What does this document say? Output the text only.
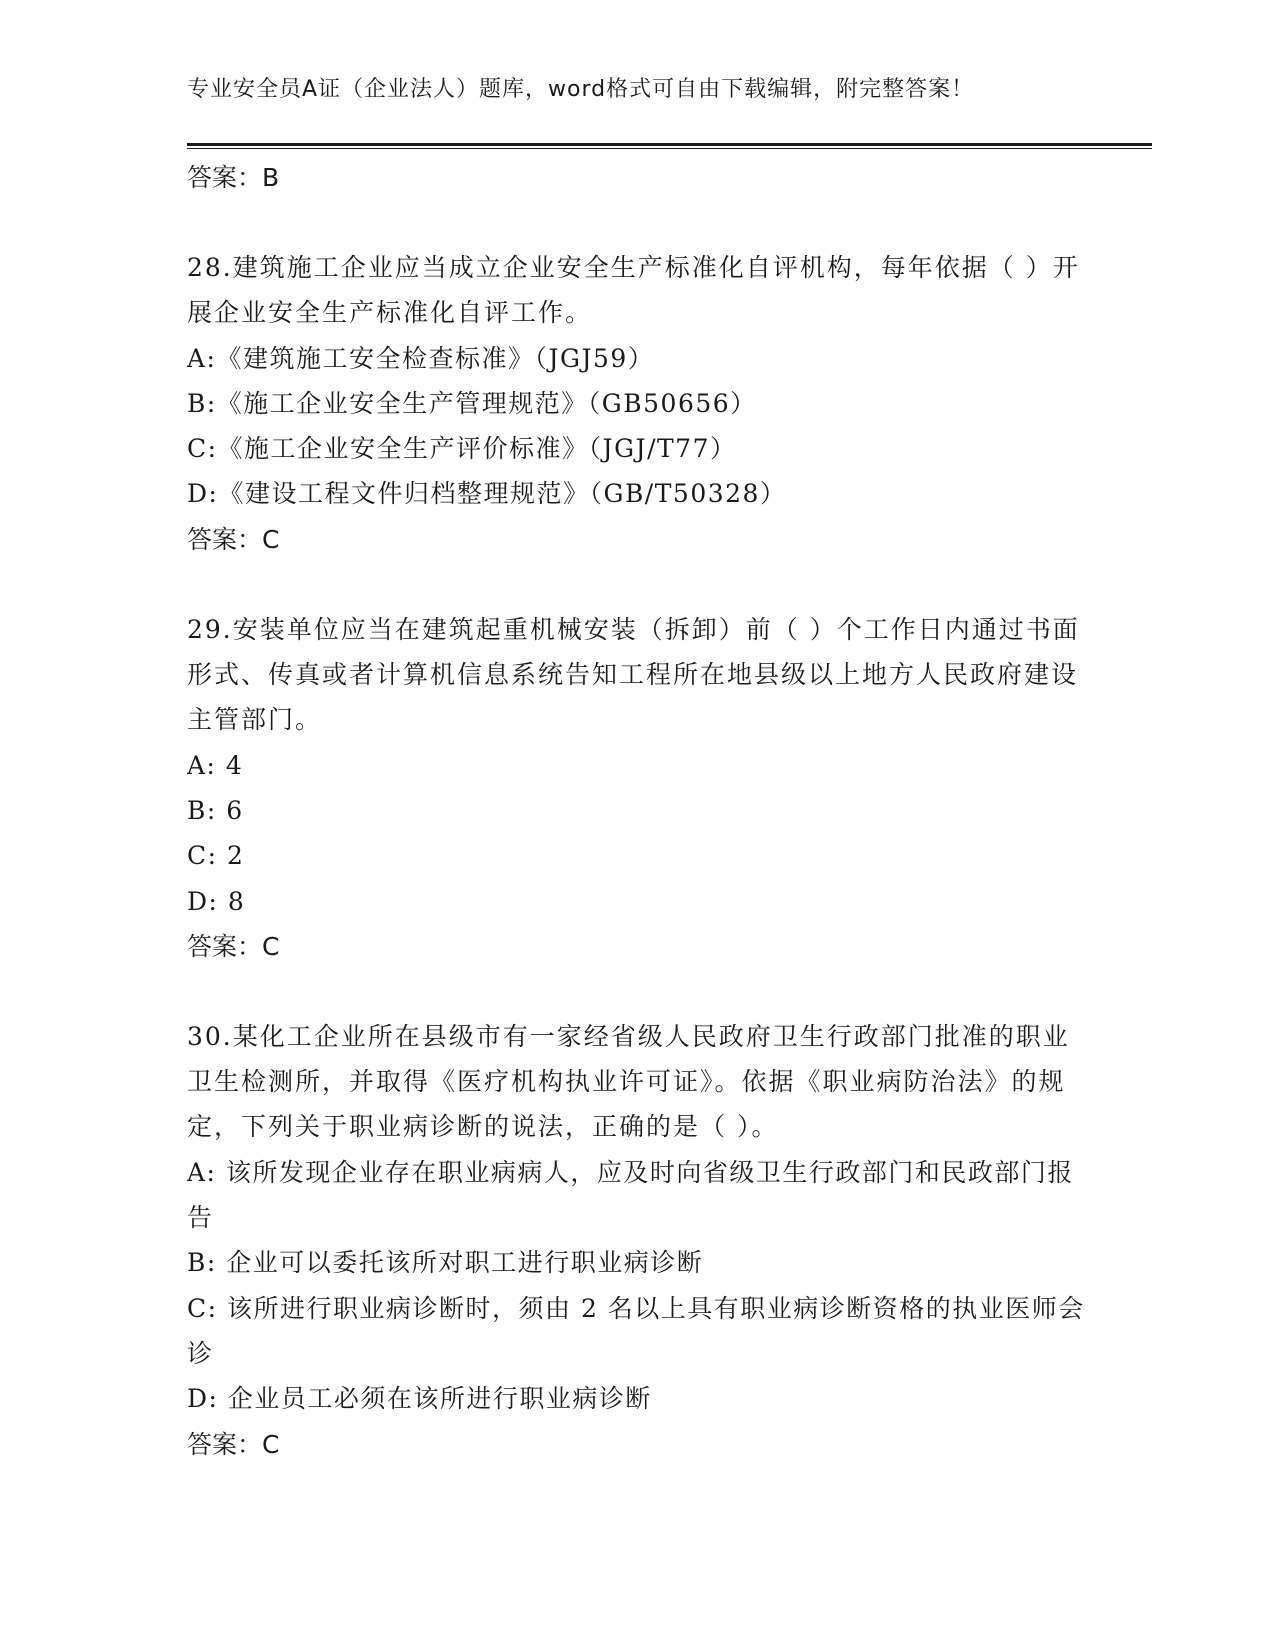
专业安全员A证（企业法人）题库，word格式可自由下载编辑，附完整答案！
答案：B
28.建筑施工企业应当成立企业安全生产标准化自评机构，每年依据（ ）开展企业安全生产标准化自评工作。
A:《建筑施工安全检查标准》（JGJ59）
B:《施工企业安全生产管理规范》（GB50656）
C:《施工企业安全生产评价标准》（JGJ/T77）
D:《建设工程文件归档整理规范》（GB/T50328）
答案：C
29.安装单位应当在建筑起重机械安装（拆卸）前（ ）个工作日内通过书面形式、传真或者计算机信息系统告知工程所在地县级以上地方人民政府建设主管部门。
A: 4
B: 6
C: 2
D: 8
答案：C
30.某化工企业所在县级市有一家经省级人民政府卫生行政部门批准的职业卫生检测所，并取得《医疗机构执业许可证》。依据《职业病防治法》的规定，下列关于职业病诊断的说法，正确的是（ ）。
A: 该所发现企业存在职业病病人，应及时向省级卫生行政部门和民政部门报告
B: 企业可以委托该所对职工进行职业病诊断
C: 该所进行职业病诊断时，须由 2 名以上具有职业病诊断资格的执业医师会诊
D: 企业员工必须在该所进行职业病诊断
答案：C
